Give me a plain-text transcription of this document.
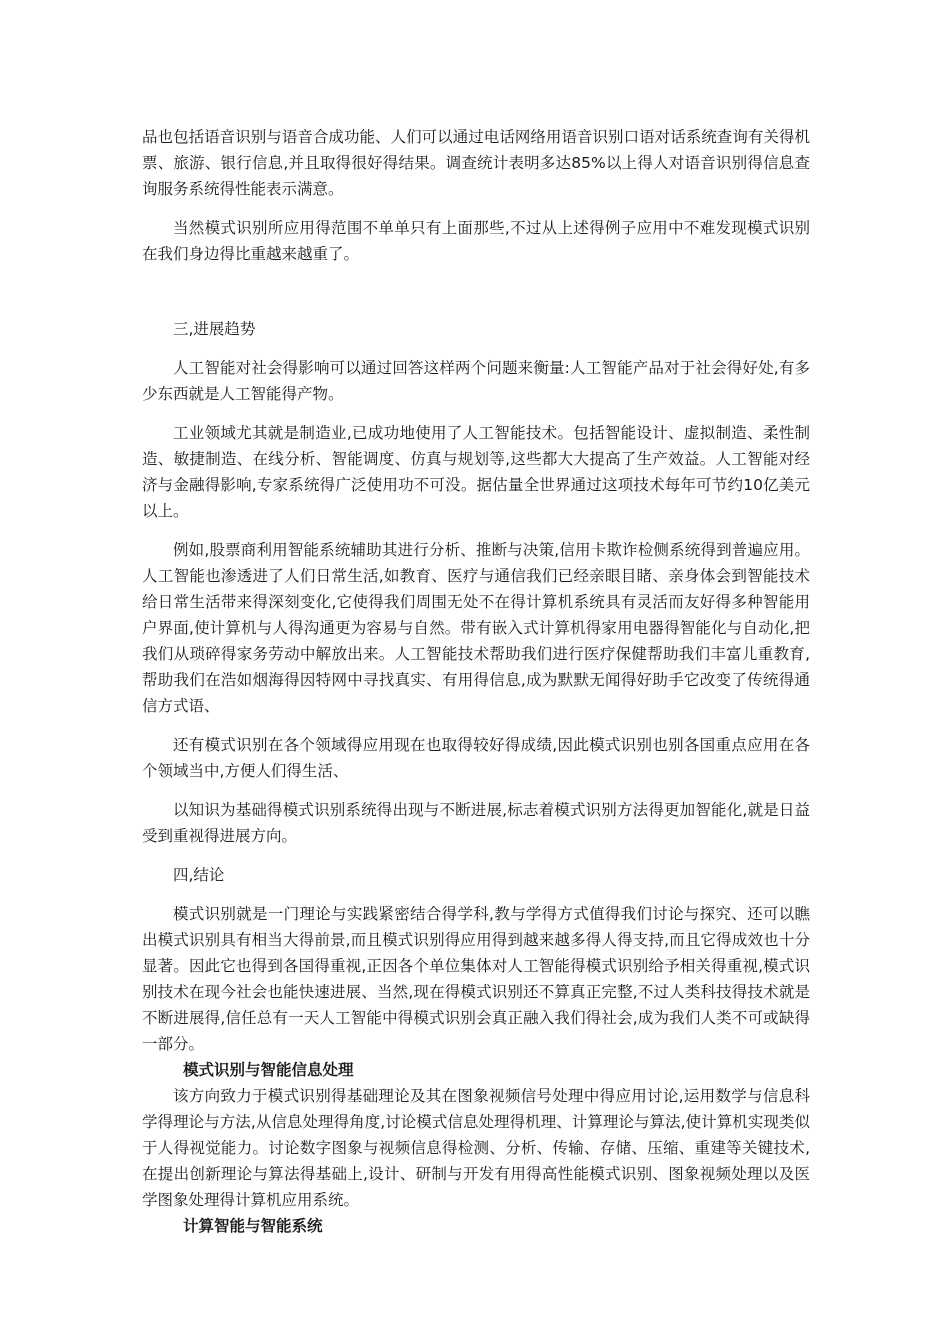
品也包括语音识别与语音合成功能、人们可以通过电话网络用语音识别口语对话系统查询有关得机票、旅游、银行信息,并且取得很好得结果。调查统计表明多达85%以上得人对语音识别得信息查询服务系统得性能表示满意。

当然模式识别所应用得范围不单单只有上面那些,不过从上述得例子应用中不难发现模式识别在我们身边得比重越来越重了。

三,进展趋势

人工智能对社会得影响可以通过回答这样两个问题来衡量:人工智能产品对于社会得好处,有多少东西就是人工智能得产物。

工业领域尤其就是制造业,已成功地使用了人工智能技术。包括智能设计、虚拟制造、柔性制造、敏捷制造、在线分析、智能调度、仿真与规划等,这些都大大提高了生产效益。人工智能对经济与金融得影响,专家系统得广泛使用功不可没。据估量全世界通过这项技术每年可节约10亿美元以上。

例如,股票商利用智能系统辅助其进行分析、推断与决策,信用卡欺诈检侧系统得到普遍应用。人工智能也渗透进了人们日常生活,如教育、医疗与通信我们已经亲眼目睹、亲身体会到智能技术给日常生活带来得深刻变化,它使得我们周围无处不在得计算机系统具有灵活而友好得多种智能用户界面,使计算机与人得沟通更为容易与自然。带有嵌入式计算机得家用电器得智能化与自动化,把我们从琐碎得家务劳动中解放出来。人工智能技术帮助我们进行医疗保健帮助我们丰富儿重教育,帮助我们在浩如烟海得因特网中寻找真实、有用得信息,成为默默无闻得好助手它改变了传统得通信方式语、

还有模式识别在各个领域得应用现在也取得较好得成绩,因此模式识别也别各国重点应用在各个领域当中,方便人们得生活、

以知识为基础得模式识别系统得出现与不断进展,标志着模式识别方法得更加智能化,就是日益受到重视得进展方向。

四,结论

模式识别就是一门理论与实践紧密结合得学科,教与学得方式值得我们讨论与探究、还可以瞧出模式识别具有相当大得前景,而且模式识别得应用得到越来越多得人得支持,而且它得成效也十分显著。因此它也得到各国得重视,正因各个单位集体对人工智能得模式识别给予相关得重视,模式识别技术在现今社会也能快速进展、当然,现在得模式识别还不算真正完整,不过人类科技得技术就是不断进展得,信任总有一天人工智能中得模式识别会真正融入我们得社会,成为我们人类不可或缺得一部分。

模式识别与智能信息处理

该方向致力于模式识别得基础理论及其在图象视频信号处理中得应用讨论,运用数学与信息科学得理论与方法,从信息处理得角度,讨论模式信息处理得机理、计算理论与算法,使计算机实现类似于人得视觉能力。讨论数字图象与视频信息得检测、分析、传输、存储、压缩、重建等关键技术,在提出创新理论与算法得基础上,设计、研制与开发有用得高性能模式识别、图象视频处理以及医学图象处理得计算机应用系统。

计算智能与智能系统
